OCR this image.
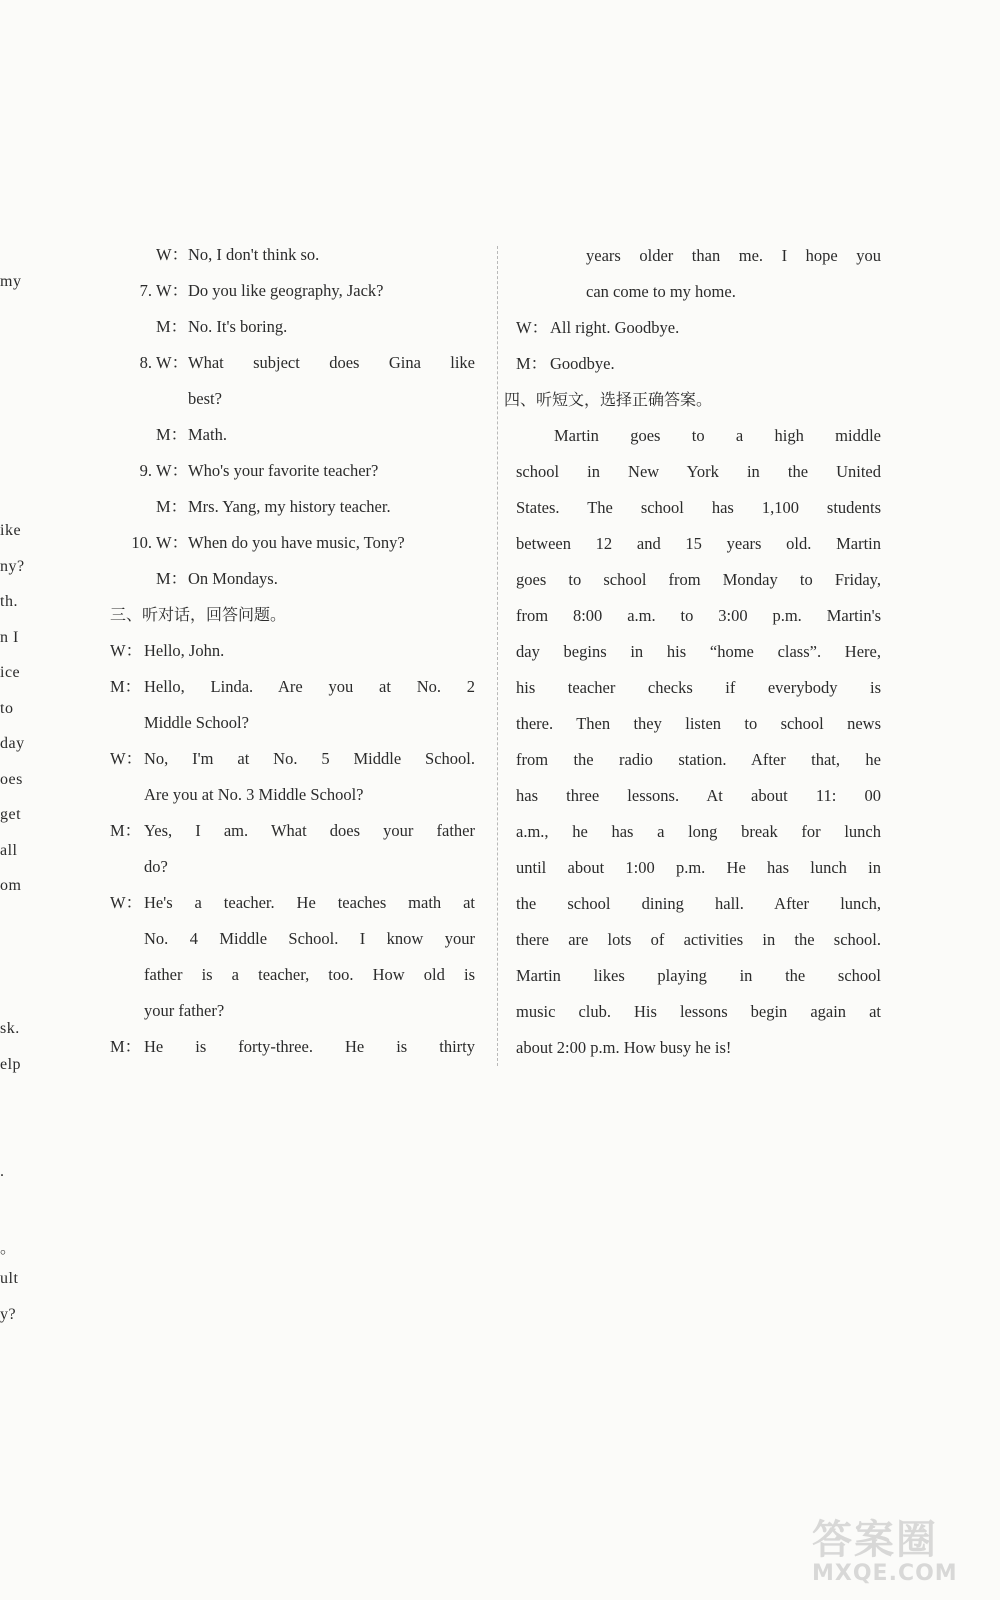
my
ike
ny?
th.
n I
ice
to
day
oes
get
all
om
sk.
elp
.
。
ult
y?
W： No, I don't think so.
7. W： Do you like geography, Jack?
M： No. It's boring.
8. W： What subject does Gina like
best?
M： Math.
9. W： Who's your favorite teacher?
M： Mrs. Yang, my history teacher.
10. W： When do you have music, Tony?
M： On Mondays.
三、听对话，回答问题。
W： Hello, John.
M： Hello, Linda. Are you at No. 2
Middle School?
W： No, I'm at No. 5 Middle School.
Are you at No. 3 Middle School?
M： Yes, I am. What does your father
do?
W： He's a teacher. He teaches math at
No. 4 Middle School. I know your
father is a teacher, too. How old is
your father?
M： He is forty-three. He is thirty
years older than me. I hope you
can come to my home.
W： All right. Goodbye.
M： Goodbye.
四、听短文，选择正确答案。
Martin goes to a high middle
school in New York in the United
States. The school has 1,100 students
between 12 and 15 years old. Martin
goes to school from Monday to Friday,
from 8:00 a.m. to 3:00 p.m. Martin's
day begins in his “home class”. Here,
his teacher checks if everybody is
there. Then they listen to school news
from the radio station. After that, he
has three lessons. At about 11: 00
a.m., he has a long break for lunch
until about 1:00 p.m. He has lunch in
the school dining hall. After lunch,
there are lots of activities in the school.
Martin likes playing in the school
music club. His lessons begin again at
about 2:00 p.m. How busy he is!
答案圈
MXQE.COM
